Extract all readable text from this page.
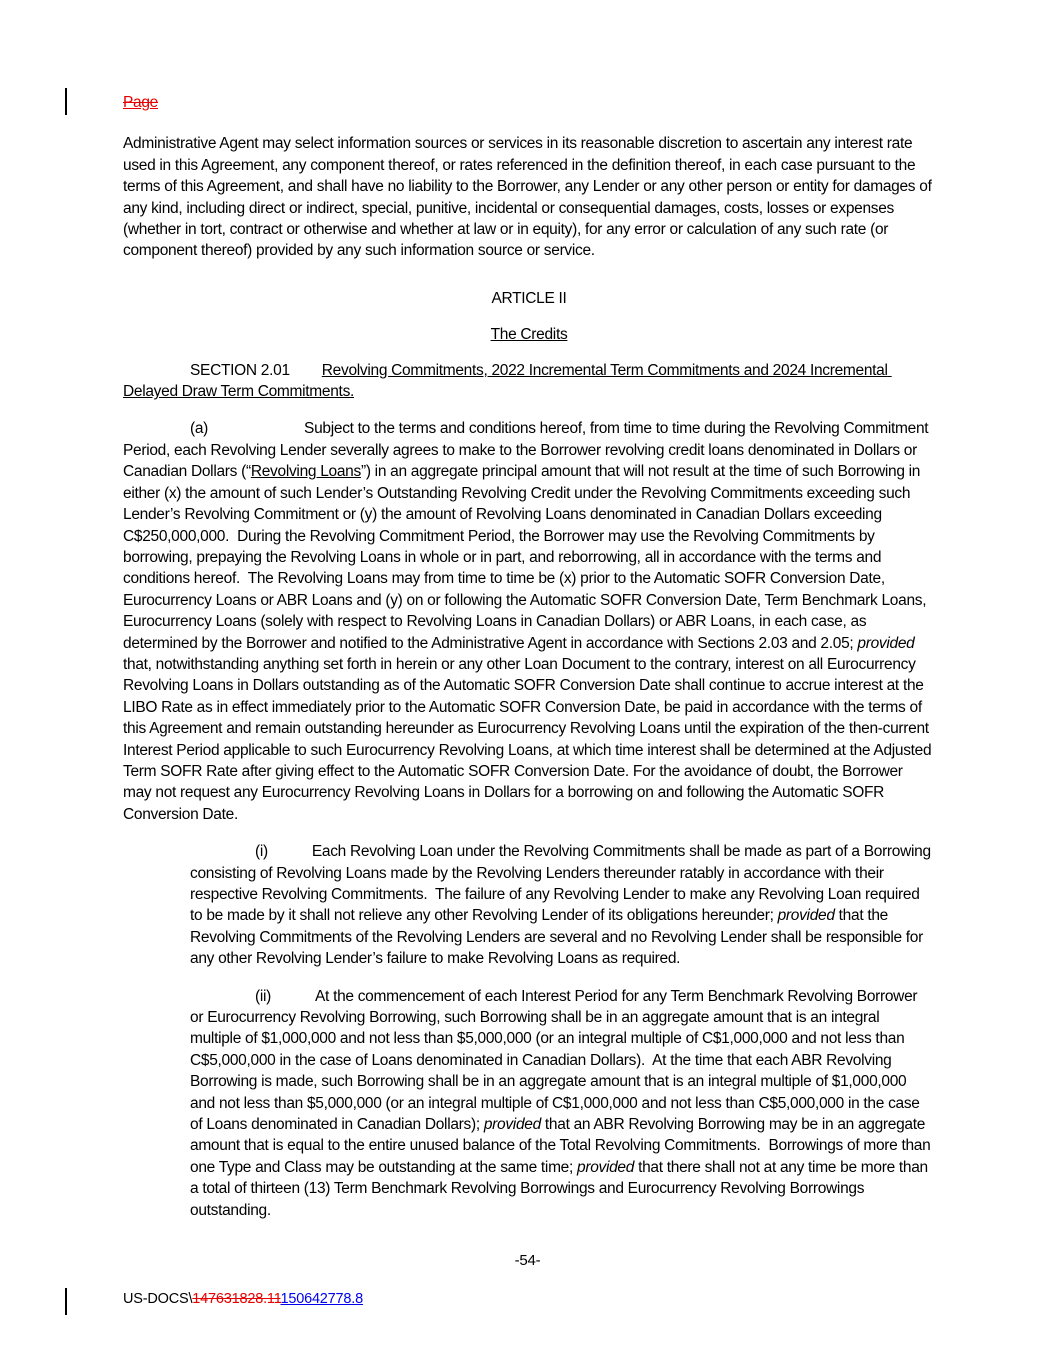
Page

Administrative Agent may select information sources or services in its reasonable discretion to ascertain any interest rate used in this Agreement, any component thereof, or rates referenced in the definition thereof, in each case pursuant to the terms of this Agreement, and shall have no liability to the Borrower, any Lender or any other person or entity for damages of any kind, including direct or indirect, special, punitive, incidental or consequential damages, costs, losses or expenses (whether in tort, contract or otherwise and whether at law or in equity), for any error or calculation of any such rate (or component thereof) provided by any such information source or service.

ARTICLE II

The Credits

SECTION 2.01 Revolving Commitments, 2022 Incremental Term Commitments and 2024 Incremental Delayed Draw Term Commitments.

(a)	Subject to the terms and conditions hereof, from time to time during the Revolving Commitment Period, each Revolving Lender severally agrees to make to the Borrower revolving credit loans denominated in Dollars or Canadian Dollars (“Revolving Loans”) in an aggregate principal amount that will not result at the time of such Borrowing in either (x) the amount of such Lender’s Outstanding Revolving Credit under the Revolving Commitments exceeding such Lender’s Revolving Commitment or (y) the amount of Revolving Loans denominated in Canadian Dollars exceeding C$250,000,000.  During the Revolving Commitment Period, the Borrower may use the Revolving Commitments by borrowing, prepaying the Revolving Loans in whole or in part, and reborrowing, all in accordance with the terms and conditions hereof.  The Revolving Loans may from time to time be (x) prior to the Automatic SOFR Conversion Date, Eurocurrency Loans or ABR Loans and (y) on or following the Automatic SOFR Conversion Date, Term Benchmark Loans, Eurocurrency Loans (solely with respect to Revolving Loans in Canadian Dollars) or ABR Loans, in each case, as determined by the Borrower and notified to the Administrative Agent in accordance with Sections 2.03 and 2.05; provided that, notwithstanding anything set forth in herein or any other Loan Document to the contrary, interest on all Eurocurrency Revolving Loans in Dollars outstanding as of the Automatic SOFR Conversion Date shall continue to accrue interest at the LIBO Rate as in effect immediately prior to the Automatic SOFR Conversion Date, be paid in accordance with the terms of this Agreement and remain outstanding hereunder as Eurocurrency Revolving Loans until the expiration of the then-current Interest Period applicable to such Eurocurrency Revolving Loans, at which time interest shall be determined at the Adjusted Term SOFR Rate after giving effect to the Automatic SOFR Conversion Date. For the avoidance of doubt, the Borrower may not request any Eurocurrency Revolving Loans in Dollars for a borrowing on and following the Automatic SOFR Conversion Date.

(i)	Each Revolving Loan under the Revolving Commitments shall be made as part of a Borrowing consisting of Revolving Loans made by the Revolving Lenders thereunder ratably in accordance with their respective Revolving Commitments.  The failure of any Revolving Lender to make any Revolving Loan required to be made by it shall not relieve any other Revolving Lender of its obligations hereunder; provided that the Revolving Commitments of the Revolving Lenders are several and no Revolving Lender shall be responsible for any other Revolving Lender’s failure to make Revolving Loans as required.

(ii)	At the commencement of each Interest Period for any Term Benchmark Revolving Borrower or Eurocurrency Revolving Borrowing, such Borrowing shall be in an aggregate amount that is an integral multiple of $1,000,000 and not less than $5,000,000 (or an integral multiple of C$1,000,000 and not less than C$5,000,000 in the case of Loans denominated in Canadian Dollars).  At the time that each ABR Revolving Borrowing is made, such Borrowing shall be in an aggregate amount that is an integral multiple of $1,000,000 and not less than $5,000,000 (or an integral multiple of C$1,000,000 and not less than C$5,000,000 in the case of Loans denominated in Canadian Dollars); provided that an ABR Revolving Borrowing may be in an aggregate amount that is equal to the entire unused balance of the Total Revolving Commitments.  Borrowings of more than one Type and Class may be outstanding at the same time; provided that there shall not at any time be more than a total of thirteen (13) Term Benchmark Revolving Borrowings and Eurocurrency Revolving Borrowings outstanding.

-54-
US-DOCS\147631828.11150642778.8
